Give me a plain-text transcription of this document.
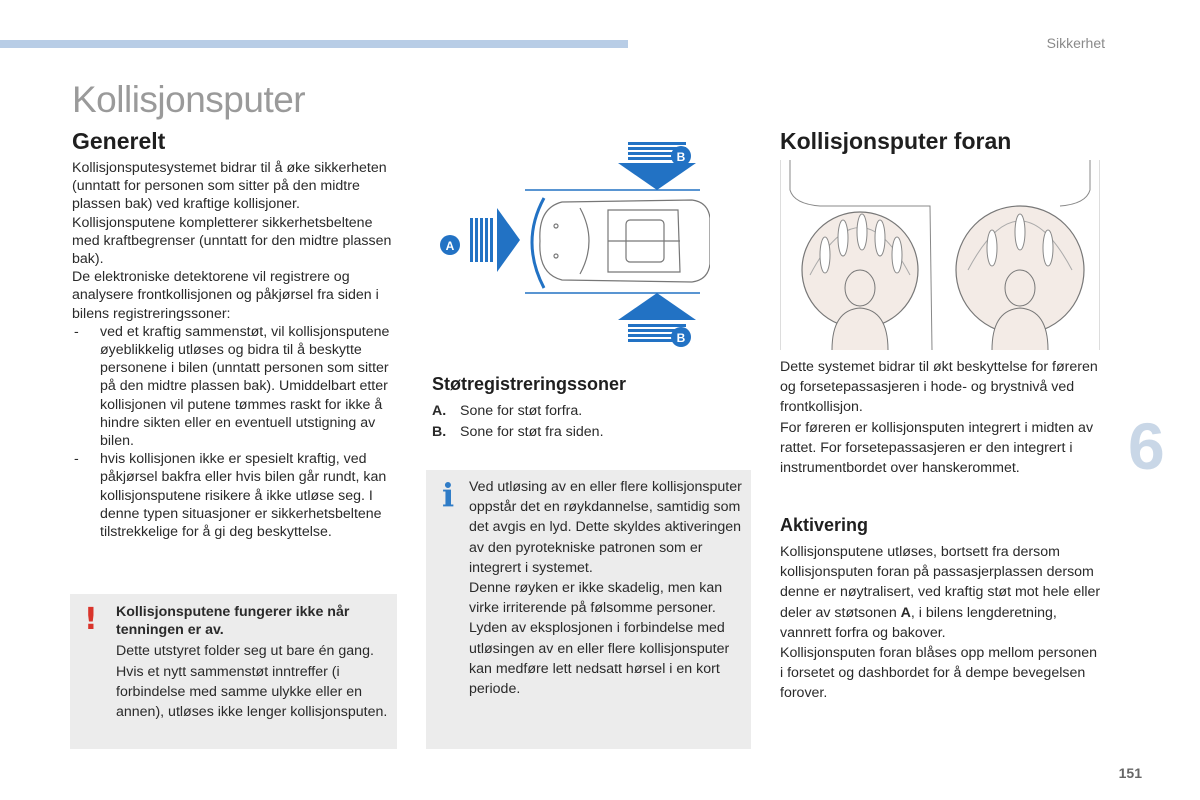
Sikkerhet
Kollisjonsputer
Generelt

Kollisjonsputesystemet bidrar til å øke sikkerheten (unntatt for personen som sitter på den midtre plassen bak) ved kraftige kollisjoner. Kollisjonsputene kompletterer sikkerhetsbeltene med kraftbegrenser (unntatt for den midtre plassen bak).

De elektroniske detektorene vil registrere og analysere frontkollisjonen og påkjørsel fra siden i bilens registreringssoner:

- ved et kraftig sammenstøt, vil kollisjonsputene øyeblikkelig utløses og bidra til å beskytte personene i bilen (unntatt personen som sitter på den midtre plassen bak). Umiddelbart etter kollisjonen vil putene tømmes raskt for ikke å hindre sikten eller en eventuell utstigning av bilen.
- hvis kollisjonen ikke er spesielt kraftig, ved påkjørsel bakfra eller hvis bilen går rundt, kan kollisjonsputene risikere å ikke utløse seg. I denne typen situasjoner er sikkerhetsbeltene tilstrekkelige for å gi deg beskyttelse.
! Kollisjonsputene fungerer ikke når tenningen er av.

Dette utstyret folder seg ut bare én gang. Hvis et nytt sammenstøt inntreffer (i forbindelse med samme ulykke eller en annen), utløses ikke lenger kollisjonsputen.

B
B
A
Støtregistreringssoner
A. Sone for støt forfra.
B. Sone for støt fra siden.
i Ved utløsing av en eller flere kollisjonsputer oppstår det en røykdannelse, samtidig som det avgis en lyd. Dette skyldes aktiveringen av den pyrotekniske patronen som er integrert i systemet.

Denne røyken er ikke skadelig, men kan virke irriterende på følsomme personer. Lyden av eksplosjonen i forbindelse med utløsingen av en eller flere kollisjonsputer kan medføre lett nedsatt hørsel i en kort periode.

Kollisjonsputer foran

Dette systemet bidrar til økt beskyttelse for føreren og forsetepassasjeren i hode- og brystnivå ved frontkollisjon.

For føreren er kollisjonsputen integrert i midten av rattet. For forsetepassasjeren er den integrert i instrumentbordet over hanskerommet.

Aktivering

Kollisjonsputene utløses, bortsett fra dersom kollisjonsputen foran på passasjerplassen dersom denne er nøytralisert, ved kraftig støt mot hele eller deler av støtsonen A, i bilens lengderetning, vannrett forfra og bakover.

Kollisjonsputen foran blåses opp mellom personen i forsetet og dashbordet for å dempe bevegelsen forover.

6
151
